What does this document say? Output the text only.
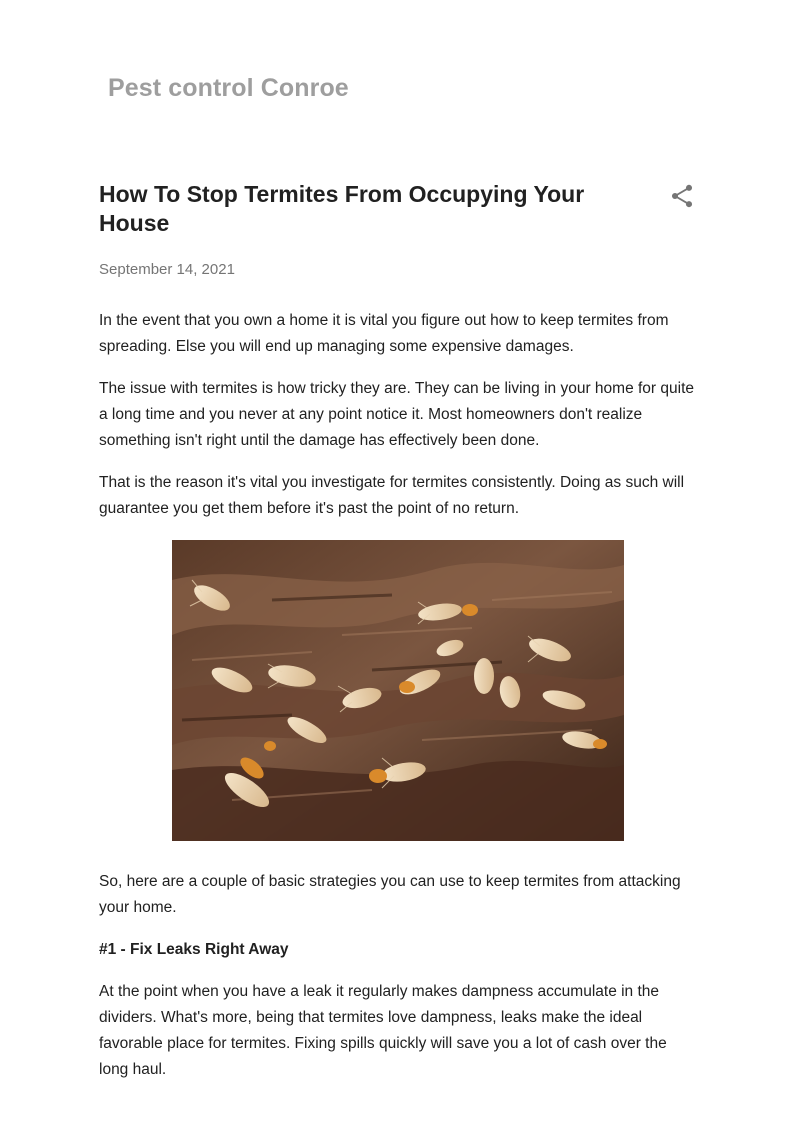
Pest control Conroe
How To Stop Termites From Occupying Your House
September 14, 2021

In the event that you own a home it is vital you figure out how to keep termites from spreading. Else you will end up managing some expensive damages.

The issue with termites is how tricky they are. They can be living in your home for quite a long time and you never at any point notice it. Most homeowners don't realize something isn't right until the damage has effectively been done.

That is the reason it's vital you investigate for termites consistently. Doing as such will guarantee you get them before it's past the point of no return.

So, here are a couple of basic strategies you can use to keep termites from attacking your home.

#1 - Fix Leaks Right Away

At the point when you have a leak it regularly makes dampness accumulate in the dividers. What's more, being that termites love dampness, leaks make the ideal favorable place for termites. Fixing spills quickly will save you a lot of cash over the long haul.
